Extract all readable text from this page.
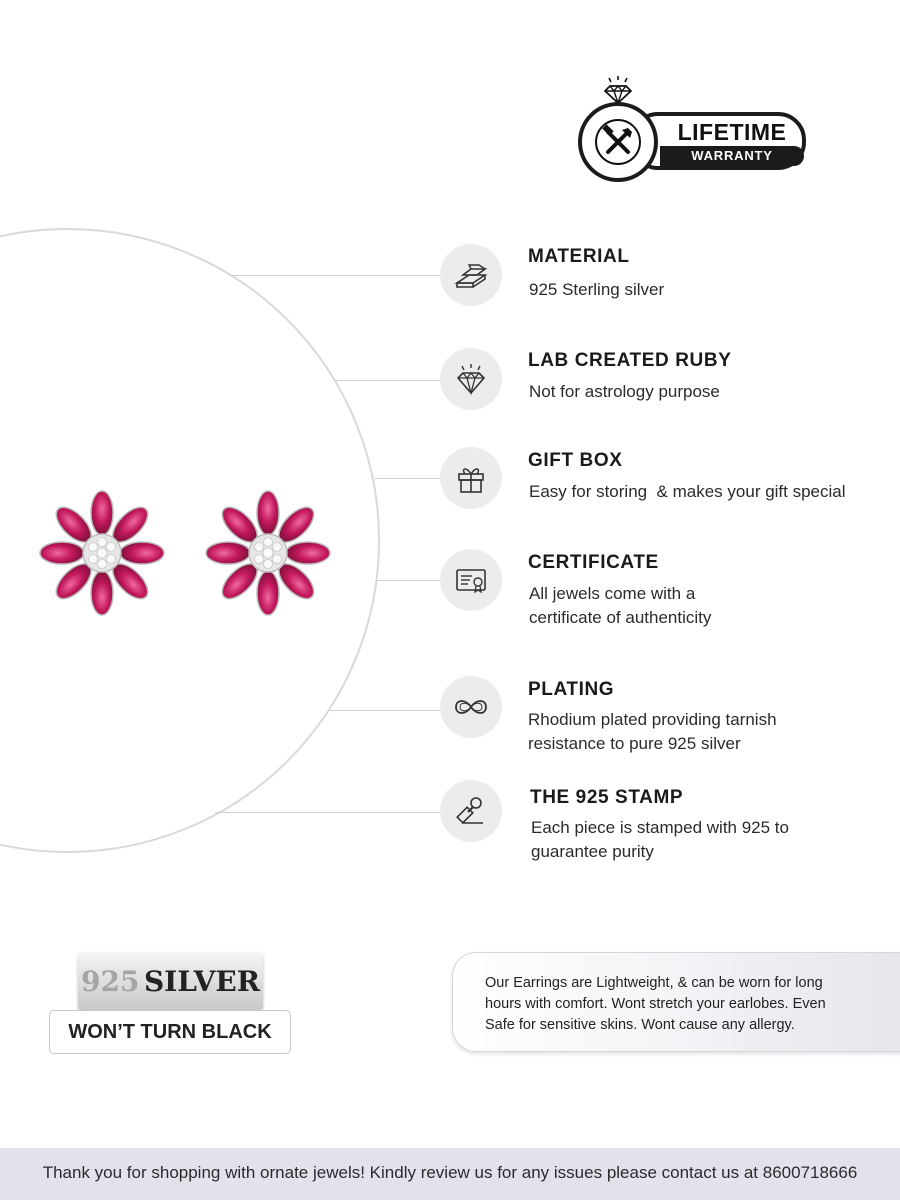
LIFETIME
WARRANTY
MATERIAL
925 Sterling silver
LAB CREATED RUBY
Not for astrology purpose
GIFT BOX
Easy for storing  & makes your gift special
CERTIFICATE
All jewels come with a
certificate of authenticity
PLATING
Rhodium plated providing tarnish
resistance to pure 925 silver
THE 925 STAMP
Each piece is stamped with 925 to
guarantee purity
925 SILVER
WON’T TURN BLACK

Our Earrings are Lightweight, & can be worn for long
hours with comfort. Wont stretch your earlobes. Even
Safe for sensitive skins. Wont cause any allergy.

Thank you for shopping with ornate jewels! Kindly review us for any issues please contact us at 8600718666
